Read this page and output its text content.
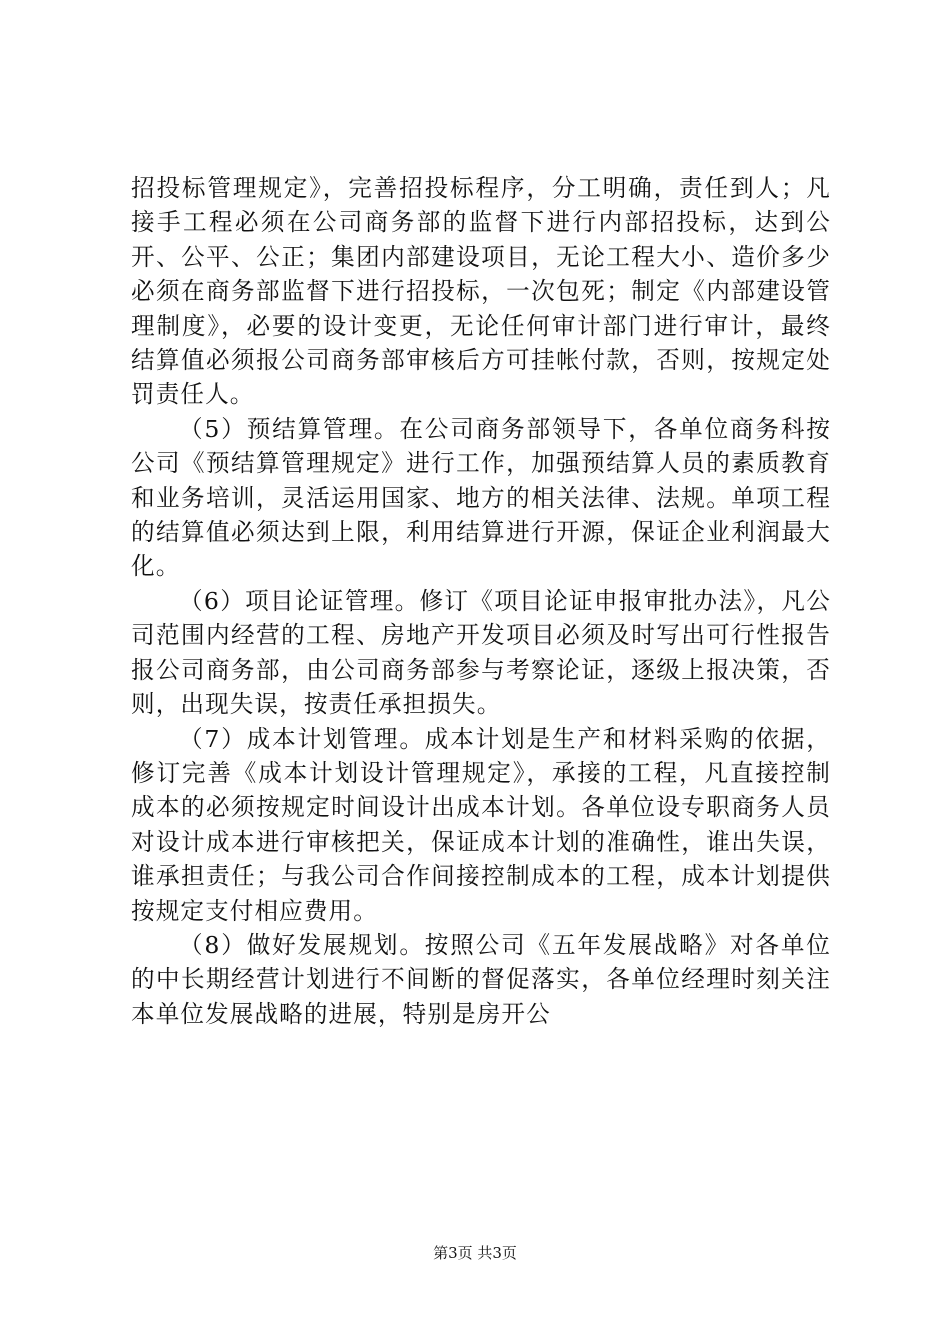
招投标管理规定》，完善招投标程序，分工明确，责任到人；凡接手工程必须在公司商务部的监督下进行内部招投标，达到公开、公平、公正；集团内部建设项目，无论工程大小、造价多少必须在商务部监督下进行招投标，一次包死；制定《内部建设管理制度》，必要的设计变更，无论任何审计部门进行审计，最终结算值必须报公司商务部审核后方可挂帐付款，否则，按规定处罚责任人。

（5）预结算管理。在公司商务部领导下，各单位商务科按公司《预结算管理规定》进行工作，加强预结算人员的素质教育和业务培训，灵活运用国家、地方的相关法律、法规。单项工程的结算值必须达到上限，利用结算进行开源，保证企业利润最大化。

（6）项目论证管理。修订《项目论证申报审批办法》，凡公司范围内经营的工程、房地产开发项目必须及时写出可行性报告报公司商务部，由公司商务部参与考察论证，逐级上报决策，否则，出现失误，按责任承担损失。

（7）成本计划管理。成本计划是生产和材料采购的依据，修订完善《成本计划设计管理规定》，承接的工程，凡直接控制成本的必须按规定时间设计出成本计划。各单位设专职商务人员对设计成本进行审核把关，保证成本计划的准确性，谁出失误，谁承担责任；与我公司合作间接控制成本的工程，成本计划提供按规定支付相应费用。

（8）做好发展规划。按照公司《五年发展战略》对各单位的中长期经营计划进行不间断的督促落实，各单位经理时刻关注本单位发展战略的进展，特别是房开公

第3页 共3页
